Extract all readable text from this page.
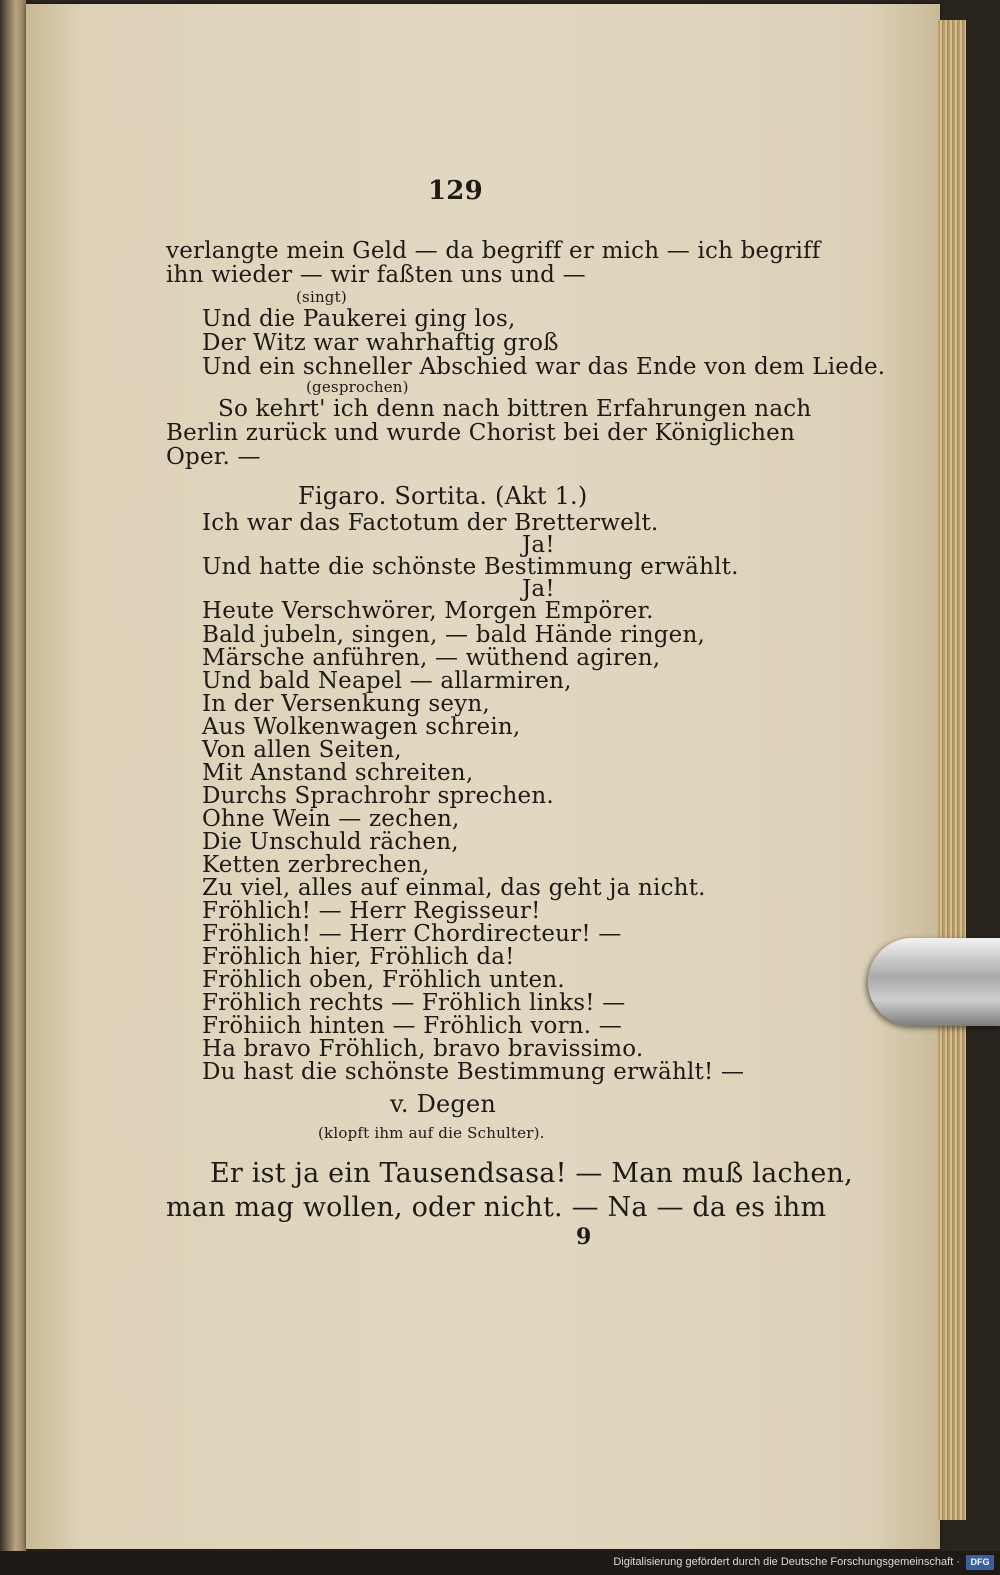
129
verlangte mein Geld — da begriff er mich — ich begriff
ihn wieder — wir faßten uns und —
(singt)
Und die Paukerei ging los,
Der Witz war wahrhaftig groß
Und ein schneller Abschied war das Ende von dem Liede.
(gesprochen)
So kehrt' ich denn nach bittren Erfahrungen nach
Berlin zurück und wurde Chorist bei der Königlichen
Oper. —
Figaro. Sortita. (Akt 1.)
Ich war das Factotum der Bretterwelt.
Ja!
Und hatte die schönste Bestimmung erwählt.
Ja!
Heute Verschwörer, Morgen Empörer.
Bald jubeln, singen, — bald Hände ringen,
Märsche anführen, — wüthend agiren,
Und bald Neapel — allarmiren,
In der Versenkung seyn,
Aus Wolkenwagen schrein,
Von allen Seiten,
Mit Anstand schreiten,
Durchs Sprachrohr sprechen.
Ohne Wein — zechen,
Die Unschuld rächen,
Ketten zerbrechen,
Zu viel, alles auf einmal, das geht ja nicht.
Fröhlich! — Herr Regisseur!
Fröhlich! — Herr Chordirecteur! —
Fröhlich hier, Fröhlich da!
Fröhlich oben, Fröhlich unten.
Fröhlich rechts — Fröhlich links! —
Fröhiich hinten — Fröhlich vorn. —
Ha bravo Fröhlich, bravo bravissimo.
Du hast die schönste Bestimmung erwählt! —
v. Degen
(klopft ihm auf die Schulter).
Er ist ja ein Tausendsasa! — Man muß lachen,
man mag wollen, oder nicht. — Na — da es ihm
9
Digitalisierung gefördert durch die Deutsche Forschungsgemeinschaft ·	DFG
